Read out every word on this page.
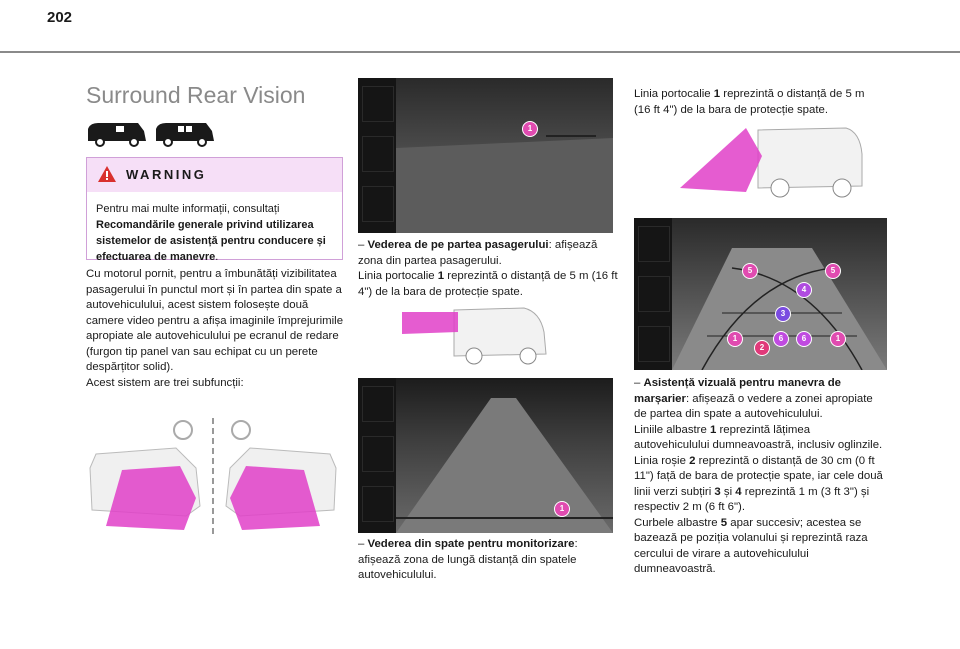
202
Surround Rear Vision
WARNING
Pentru mai multe informații, consultați Recomandările generale privind utilizarea sistemelor de asistență pentru conducere și efectuarea de manevre.
Cu motorul pornit, pentru a îmbunătăți vizibilitatea pasagerului în punctul mort și în partea din spate a autovehiculului, acest sistem folosește două camere video pentru a afișa imaginile împrejurimile apropiate ale autovehiculului pe ecranul de redare (furgon tip panel van sau echipat cu un perete despărțitor solid).
Acest sistem are trei subfuncții:
1
– Vederea de pe partea pasagerului: afișează zona din partea pasagerului.
Linia portocalie 1 reprezintă o distanță de 5 m (16 ft 4") de la bara de protecție spate.
1
– Vederea din spate pentru monitorizare: afișează zona de lungă distanță din spatele autovehiculului.
Linia portocalie 1 reprezintă o distanță de 5 m (16 ft 4") de la bara de protecție spate.
5	5
4
3
1
2
6	6	1
– Asistență vizuală pentru manevra de marșarier: afișează o vedere a zonei apropiate de partea din spate a autovehiculului.
Liniile albastre 1 reprezintă lățimea autovehiculului dumneavoastră, inclusiv oglinzile.
Linia roșie 2 reprezintă o distanță de 30 cm (0 ft 11") față de bara de protecție spate, iar cele două linii verzi subțiri 3 și 4 reprezintă 1 m (3 ft 3") și respectiv 2 m (6 ft 6").
Curbele albastre 5 apar succesiv; acestea se bazează pe poziția volanului și reprezintă raza cercului de virare a autovehiculului dumneavoastră.
